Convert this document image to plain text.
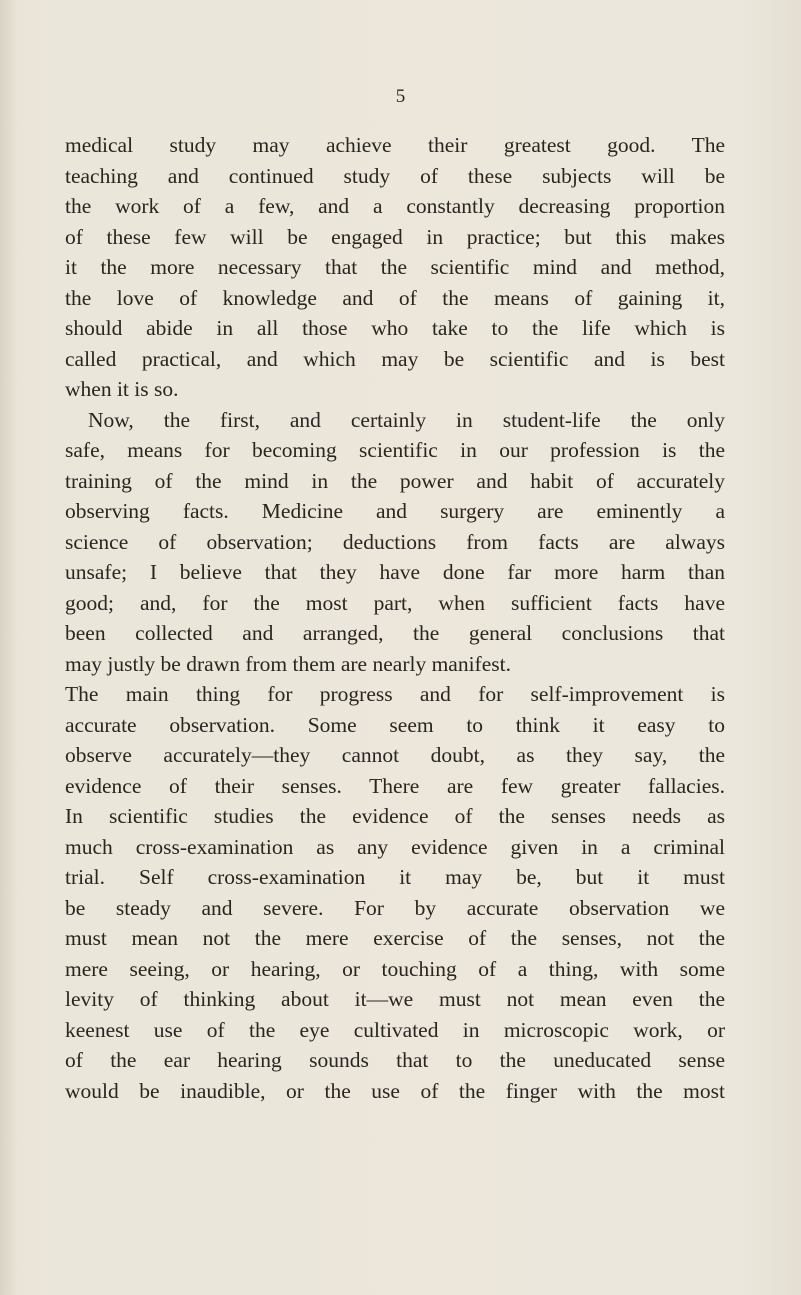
5
medical study may achieve their greatest good. The
teaching and continued study of these subjects will be
the work of a few, and a constantly decreasing proportion
of these few will be engaged in practice; but this makes
it the more necessary that the scientific mind and method,
the love of knowledge and of the means of gaining it,
should abide in all those who take to the life which is
called practical, and which may be scientific and is best
when it is so.
Now, the first, and certainly in student-life the only
safe, means for becoming scientific in our profession is the
training of the mind in the power and habit of accurately
observing facts. Medicine and surgery are eminently a
science of observation; deductions from facts are always
unsafe; I believe that they have done far more harm than
good; and, for the most part, when sufficient facts have
been collected and arranged, the general conclusions that
may justly be drawn from them are nearly manifest.
The main thing for progress and for self-improvement is
accurate observation. Some seem to think it easy to
observe accurately—they cannot doubt, as they say, the
evidence of their senses. There are few greater fallacies.
In scientific studies the evidence of the senses needs as
much cross-examination as any evidence given in a criminal
trial. Self cross-examination it may be, but it must
be steady and severe. For by accurate observation we
must mean not the mere exercise of the senses, not the
mere seeing, or hearing, or touching of a thing, with some
levity of thinking about it—we must not mean even the
keenest use of the eye cultivated in microscopic work, or
of the ear hearing sounds that to the uneducated sense
would be inaudible, or the use of the finger with the most
